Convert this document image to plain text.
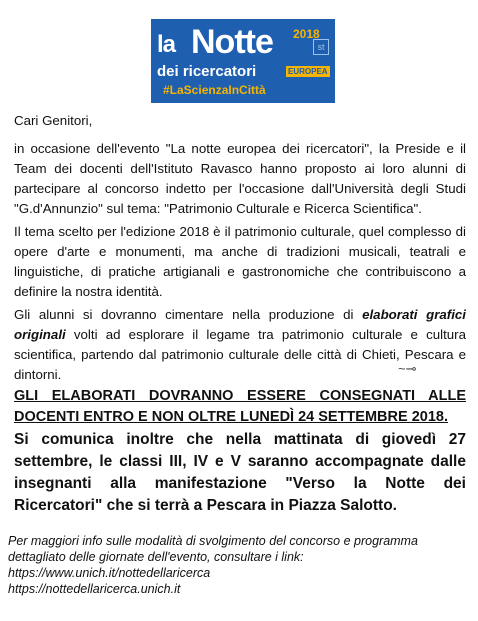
la Notte 2018
st
dei ricercatori	EUROPEA
#LaScienzaInCittà

Cari Genitori,

in occasione dell'evento "La notte europea dei ricercatori", la Preside e il Team dei docenti dell'Istituto Ravasco hanno proposto ai loro alunni di partecipare al concorso indetto per l'occasione dall'Università degli Studi "G.d'Annunzio" sul tema: "Patrimonio Culturale e Ricerca Scientifica".

Il tema scelto per l'edizione 2018 è il patrimonio culturale, quel complesso di opere d'arte e monumenti, ma anche di tradizioni musicali, teatrali e linguistiche, di pratiche artigianali e gastronomiche che contribuiscono a definire la nostra identità.

Gli alunni si dovranno cimentare nella produzione di elaborati grafici originali volti ad esplorare il legame tra patrimonio culturale e cultura scientifica, partendo dal patrimonio culturale delle città di Chieti, Pescara e dintorni.	~⊸

GLI ELABORATI DOVRANNO ESSERE CONSEGNATI ALLE DOCENTI ENTRO E NON OLTRE LUNEDÌ 24 SETTEMBRE 2018.

Si comunica inoltre che nella mattinata di giovedì 27 settembre, le classi III, IV e V saranno accompagnate dalle insegnanti alla manifestazione "Verso la Notte dei Ricercatori" che si terrà a Pescara in Piazza Salotto.

Per maggiori info sulle modalità di svolgimento del concorso e programma dettagliato delle giornate dell'evento, consultare i link:
https://www.unich.it/nottedellaricerca
https://nottedellaricerca.unich.it
